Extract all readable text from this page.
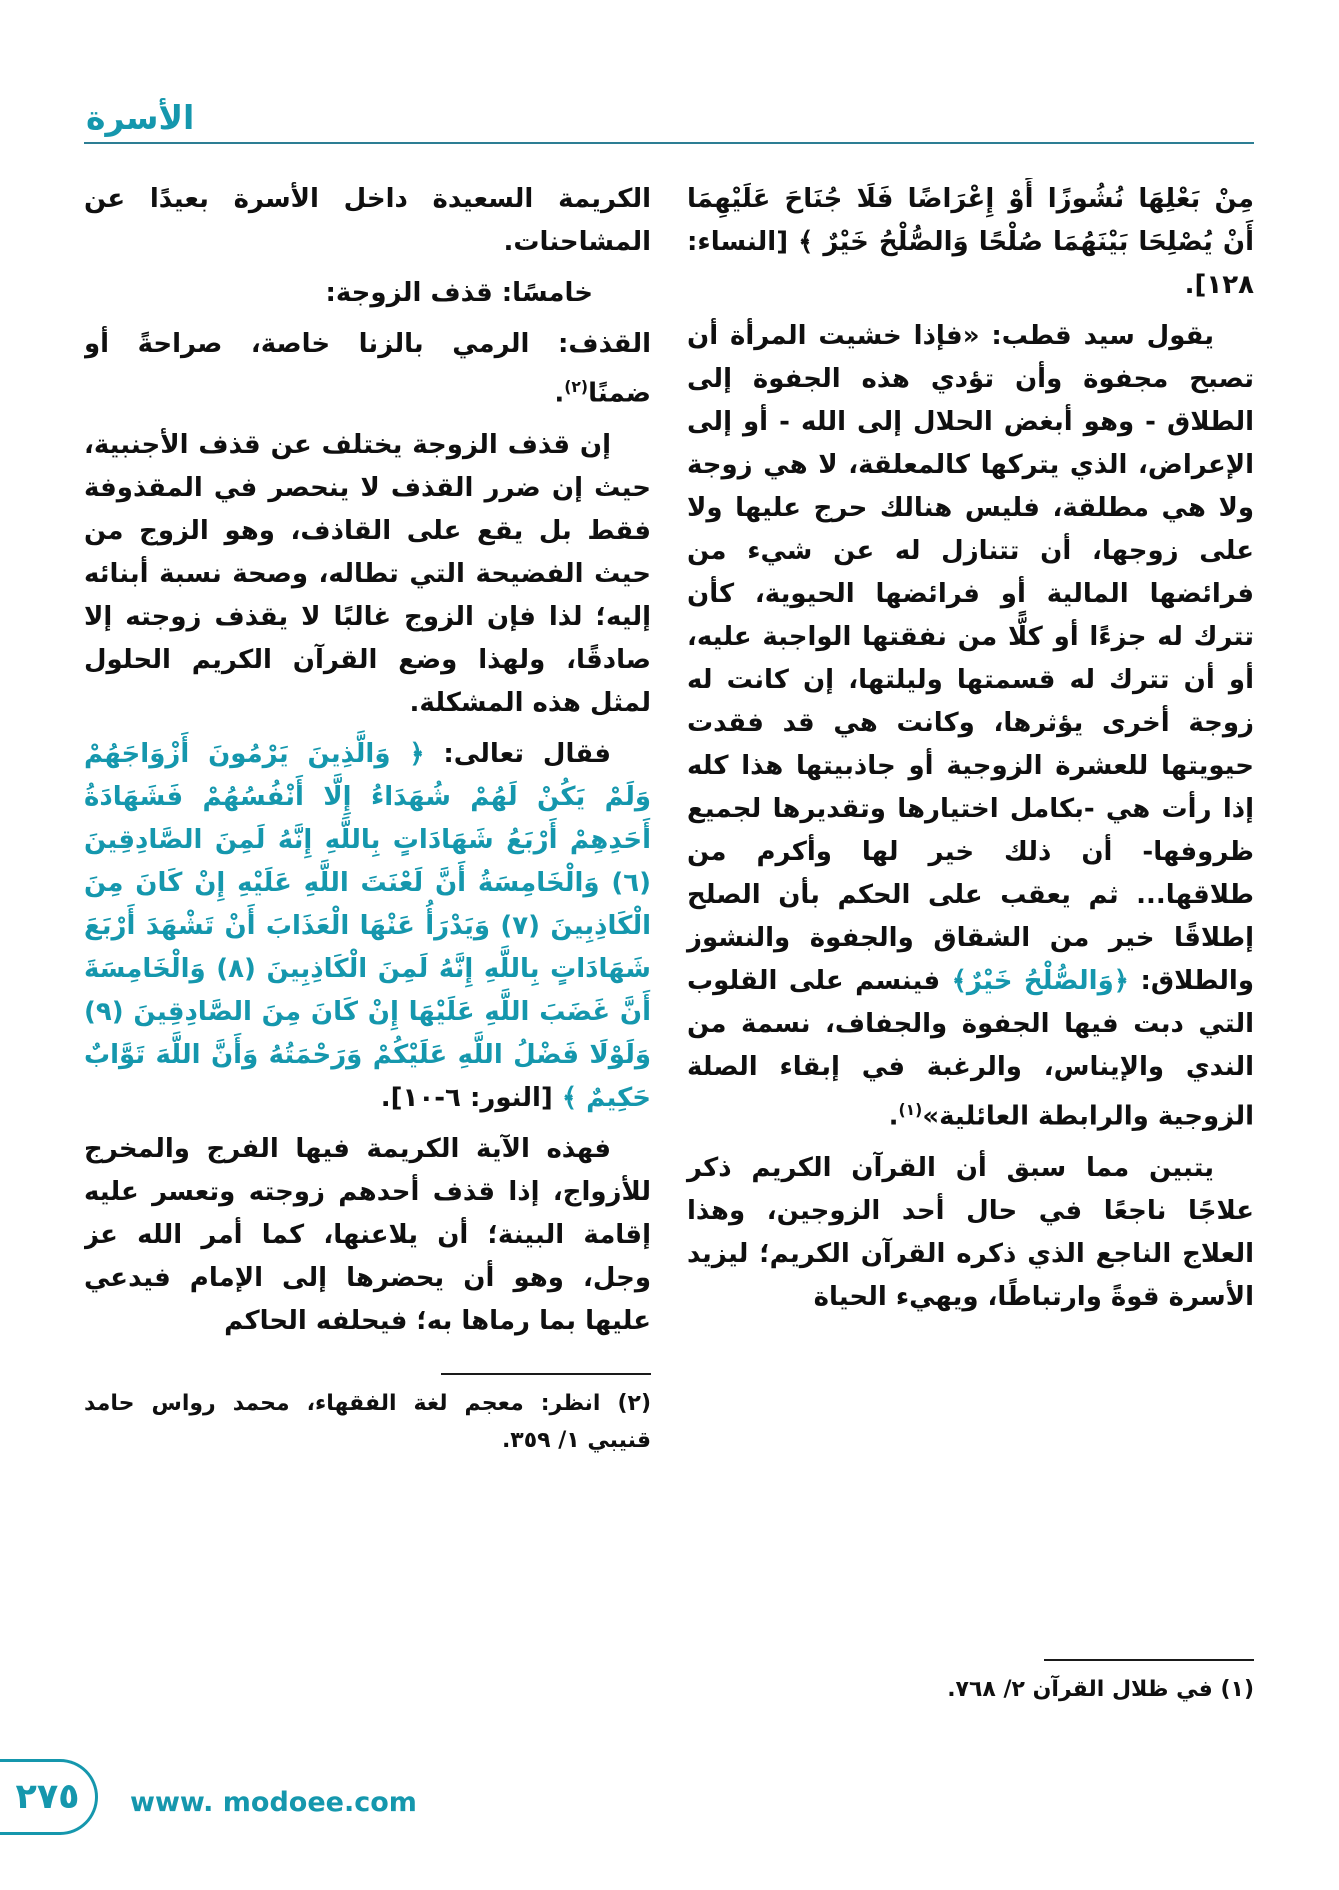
الأسرة

مِنْ بَعْلِهَا نُشُوزًا أَوْ إِعْرَاضًا فَلَا جُنَاحَ عَلَيْهِمَا أَنْ يُصْلِحَا بَيْنَهُمَا صُلْحًا وَالصُّلْحُ خَيْرٌ ﴾ [النساء: ١٢٨].

يقول سيد قطب: «فإذا خشيت المرأة أن تصبح مجفوة وأن تؤدي هذه الجفوة إلى الطلاق - وهو أبغض الحلال إلى الله - أو إلى الإعراض، الذي يتركها كالمعلقة، لا هي زوجة ولا هي مطلقة، فليس هنالك حرج عليها ولا على زوجها، أن تتنازل له عن شيء من فرائضها المالية أو فرائضها الحيوية، كأن تترك له جزءًا أو كلًّا من نفقتها الواجبة عليه، أو أن تترك له قسمتها وليلتها، إن كانت له زوجة أخرى يؤثرها، وكانت هي قد فقدت حيويتها للعشرة الزوجية أو جاذبيتها هذا كله إذا رأت هي -بكامل اختيارها وتقديرها لجميع ظروفها- أن ذلك خير لها وأكرم من طلاقها... ثم يعقب على الحكم بأن الصلح إطلاقًا خير من الشقاق والجفوة والنشوز والطلاق: ﴿وَالصُّلْحُ خَيْرٌ﴾ فينسم على القلوب التي دبت فيها الجفوة والجفاف، نسمة من الندي والإيناس، والرغبة في إبقاء الصلة الزوجية والرابطة العائلية»$^{(١)}$.

يتبين مما سبق أن القرآن الكريم ذكر علاجًا ناجعًا في حال أحد الزوجين، وهذا العلاج الناجع الذي ذكره القرآن الكريم؛ ليزيد الأسرة قوةً وارتباطًا، ويهيء الحياة

(١) في ظلال القرآن ٢/ ٧٦٨.

الكريمة السعيدة داخل الأسرة بعيدًا عن المشاحنات.

خامسًا: قذف الزوجة:

القذف: الرمي بالزنا خاصة، صراحةً أو ضمنًا$^{(٢)}$.

إن قذف الزوجة يختلف عن قذف الأجنبية، حيث إن ضرر القذف لا ينحصر في المقذوفة فقط بل يقع على القاذف، وهو الزوج من حيث الفضيحة التي تطاله، وصحة نسبة أبنائه إليه؛ لذا فإن الزوج غالبًا لا يقذف زوجته إلا صادقًا، ولهذا وضع القرآن الكريم الحلول لمثل هذه المشكلة.

فقال تعالى: ﴿ وَالَّذِينَ يَرْمُونَ أَزْوَاجَهُمْ وَلَمْ يَكُنْ لَهُمْ شُهَدَاءُ إِلَّا أَنْفُسُهُمْ فَشَهَادَةُ أَحَدِهِمْ أَرْبَعُ شَهَادَاتٍ بِاللَّهِ إِنَّهُ لَمِنَ الصَّادِقِينَ (٦) وَالْخَامِسَةُ أَنَّ لَعْنَتَ اللَّهِ عَلَيْهِ إِنْ كَانَ مِنَ الْكَاذِبِينَ (٧) وَيَدْرَأُ عَنْهَا الْعَذَابَ أَنْ تَشْهَدَ أَرْبَعَ شَهَادَاتٍ بِاللَّهِ إِنَّهُ لَمِنَ الْكَاذِبِينَ (٨) وَالْخَامِسَةَ أَنَّ غَضَبَ اللَّهِ عَلَيْهَا إِنْ كَانَ مِنَ الصَّادِقِينَ (٩) وَلَوْلَا فَضْلُ اللَّهِ عَلَيْكُمْ وَرَحْمَتُهُ وَأَنَّ اللَّهَ تَوَّابٌ حَكِيمٌ ﴾ [النور: ٦-١٠].

فهذه الآية الكريمة فيها الفرج والمخرج للأزواج، إذا قذف أحدهم زوجته وتعسر عليه إقامة البينة؛ أن يلاعنها، كما أمر الله عز وجل، وهو أن يحضرها إلى الإمام فيدعي عليها بما رماها به؛ فيحلفه الحاكم

(٢) انظر: معجم لغة الفقهاء، محمد رواس حامد قنيبي ١/ ٣٥٩.

٢٧٥ www. modoee.com
